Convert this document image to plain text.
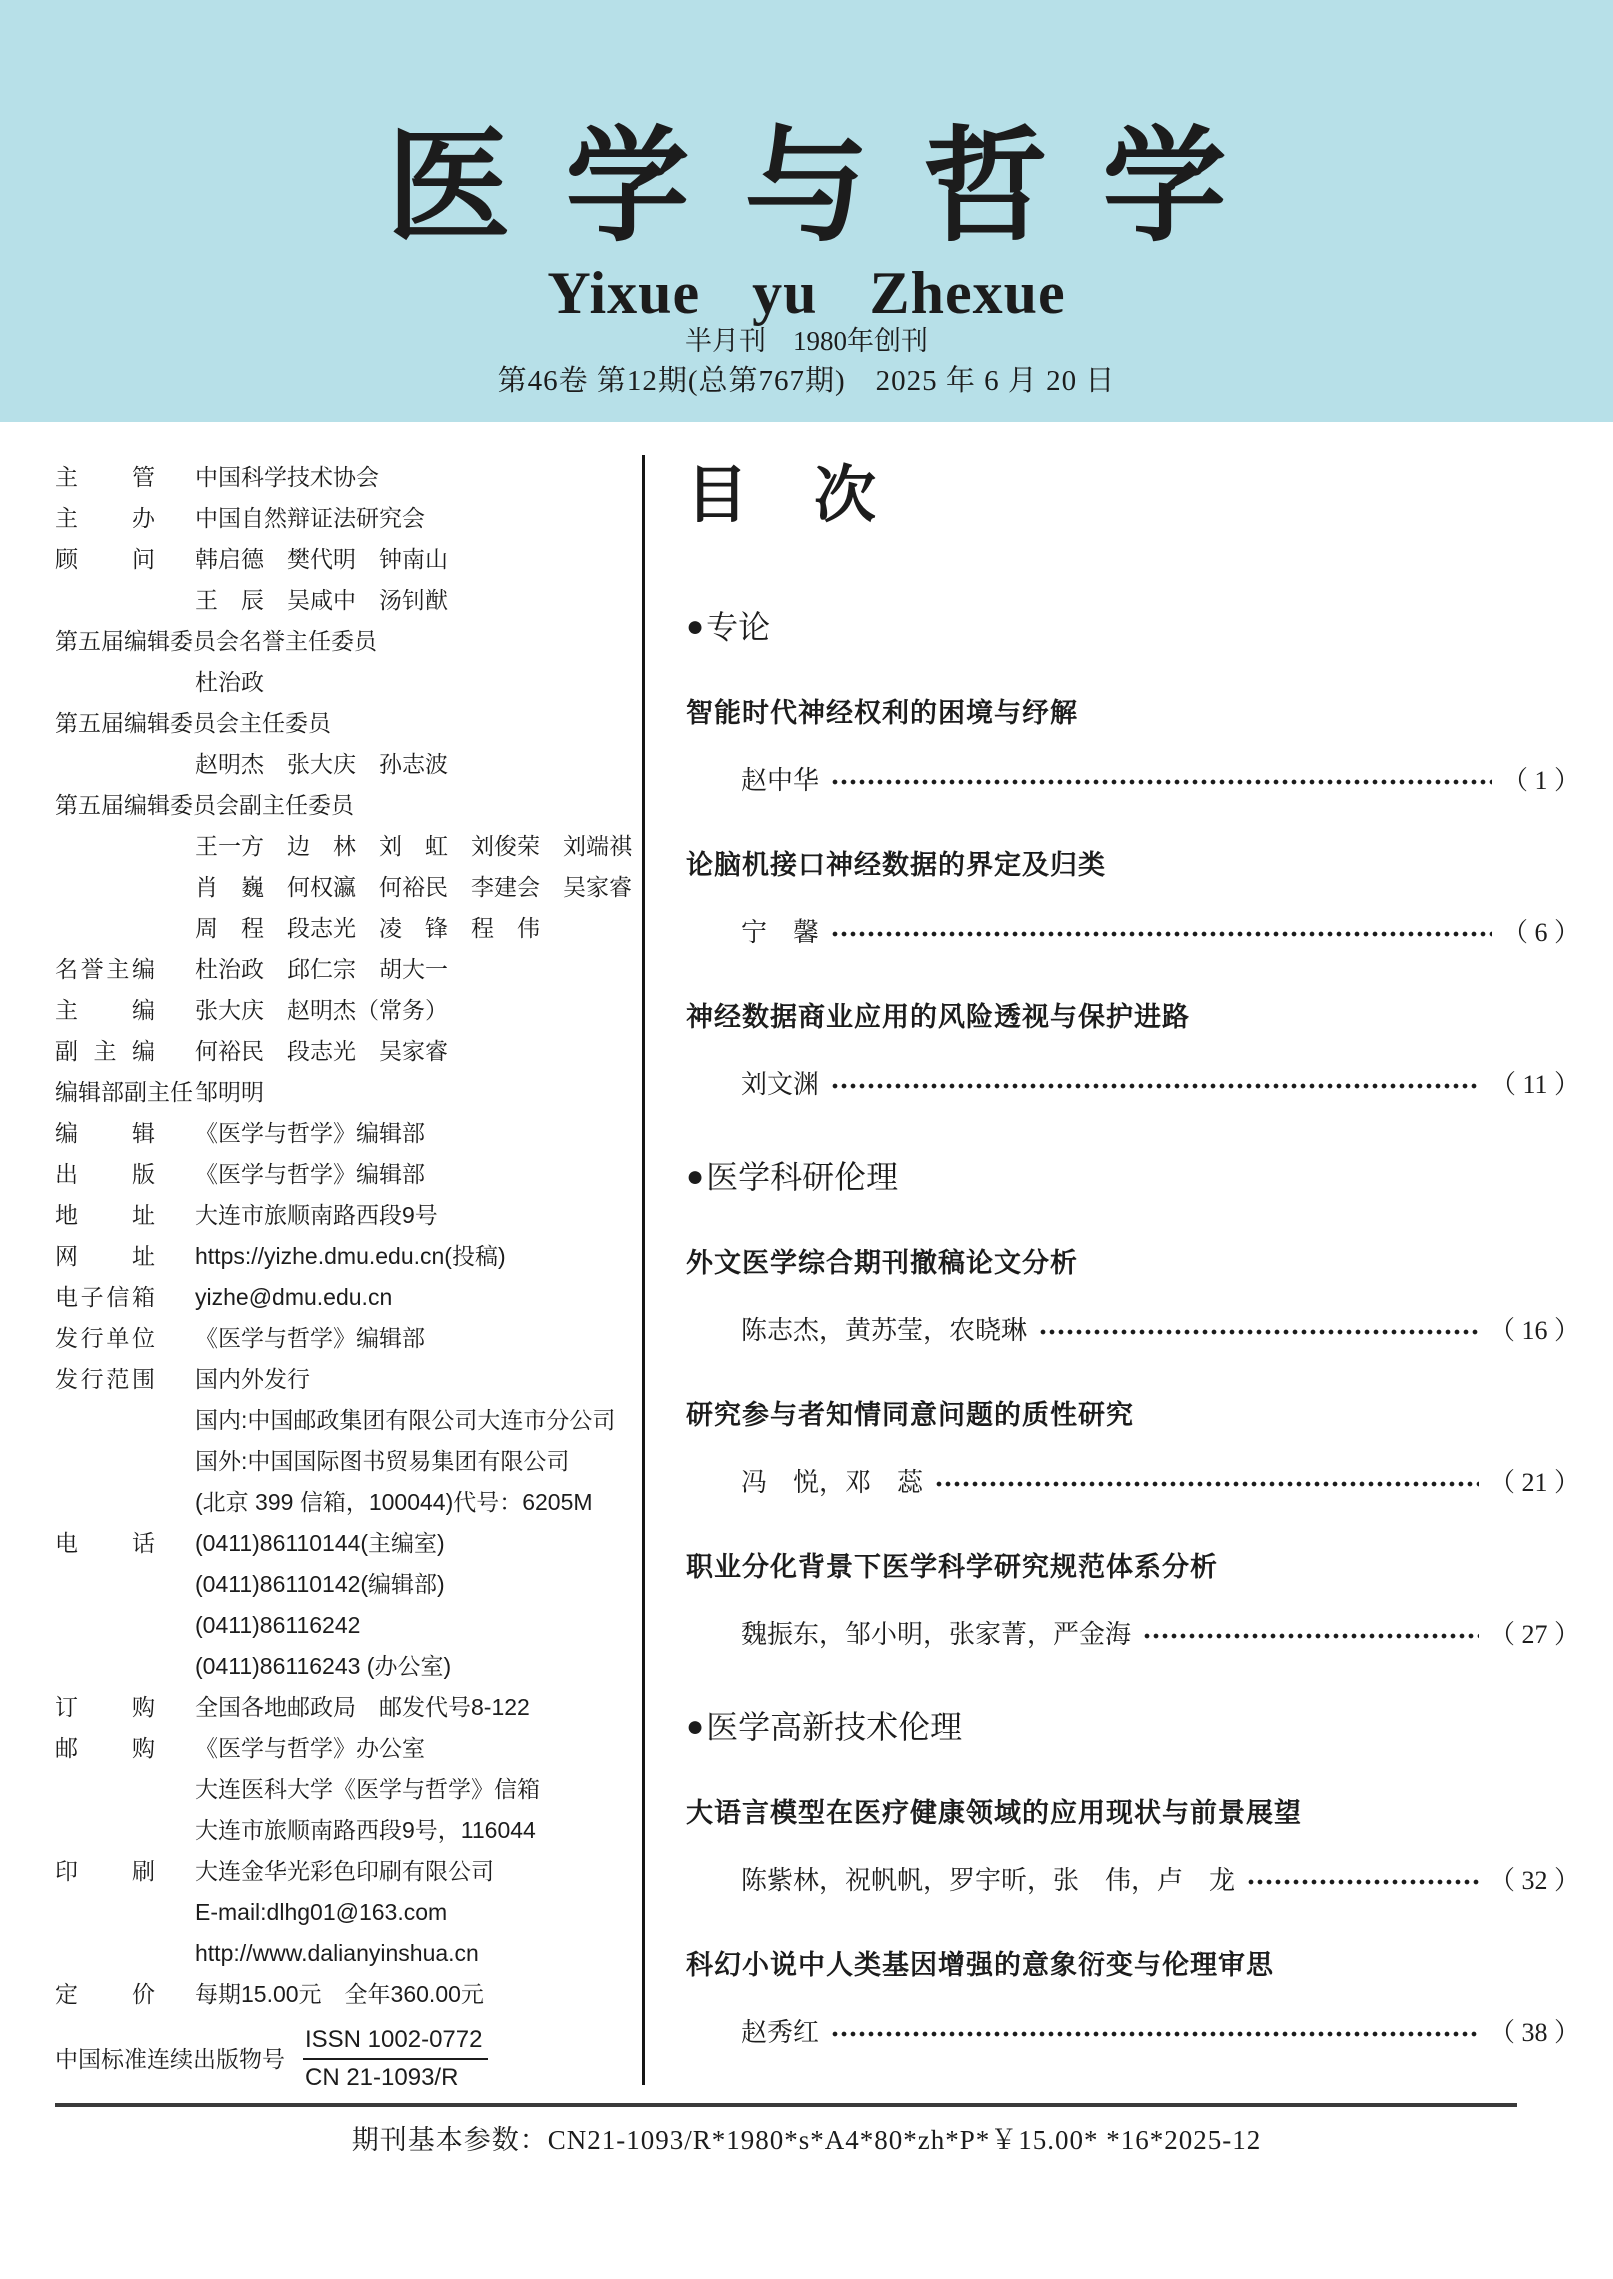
医学与哲学
Yixue yu Zhexue
半月刊　1980年创刊
第46卷 第12期(总第767期)　2025 年 6 月 20 日
主 管 中国科学技术协会
主 办 中国自然辩证法研究会
顾 问 韩启德　樊代明　钟南山
王　辰　吴咸中　汤钊猷
第五届编辑委员会名誉主任委员
杜治政
第五届编辑委员会主任委员
赵明杰　张大庆　孙志波
第五届编辑委员会副主任委员
王一方　边　林　刘　虹　刘俊荣　刘端祺
肖　巍　何权瀛　何裕民　李建会　吴家睿
周　程　段志光　凌　锋　程　伟
名誉主编 杜治政　邱仁宗　胡大一
主 编 张大庆　赵明杰（常务）
副 主 编 何裕民　段志光　吴家睿
编辑部副主任 邹明明
编 辑 《医学与哲学》编辑部
出 版 《医学与哲学》编辑部
地 址 大连市旅顺南路西段9号
网 址 https://yizhe.dmu.edu.cn(投稿)
电子信箱 yizhe@dmu.edu.cn
发行单位 《医学与哲学》编辑部
发行范围 国内外发行
国内:中国邮政集团有限公司大连市分公司
国外:中国国际图书贸易集团有限公司
(北京 399 信箱，100044)代号：6205M
电 话 (0411)86110144(主编室)
(0411)86110142(编辑部)
(0411)86116242
(0411)86116243 (办公室)
订 购 全国各地邮政局　邮发代号8-122
邮 购 《医学与哲学》办公室
大连医科大学《医学与哲学》信箱
大连市旅顺南路西段9号，116044
印 刷 大连金华光彩色印刷有限公司
E-mail:dlhg01@163.com
http://www.dalianyinshua.cn
定 价 每期15.00元　全年360.00元
中国标准连续出版物号 $\frac{\text{ISSN 1002-0772}}{CN 21-1093/R}$
目　次
● 专论
智能时代神经权利的困境与纾解
赵中华	（ 1 ）
论脑机接口神经数据的界定及归类
宁　馨	（ 6 ）
神经数据商业应用的风险透视与保护进路
刘文渊	（ 11 ）
● 医学科研伦理
外文医学综合期刊撤稿论文分析
陈志杰，黄苏莹，农晓琳	（ 16 ）
研究参与者知情同意问题的质性研究
冯　悦，邓　蕊	（ 21 ）
职业分化背景下医学科学研究规范体系分析
魏振东，邹小明，张家菁，严金海	（ 27 ）
● 医学高新技术伦理
大语言模型在医疗健康领域的应用现状与前景展望
陈紫林，祝帆帆，罗宇昕，张　伟，卢　龙	（ 32 ）
科幻小说中人类基因增强的意象衍变与伦理审思
赵秀红	（ 38 ）
期刊基本参数：CN21-1093/R*1980*s*A4*80*zh*P*￥15.00* *16*2025-12
